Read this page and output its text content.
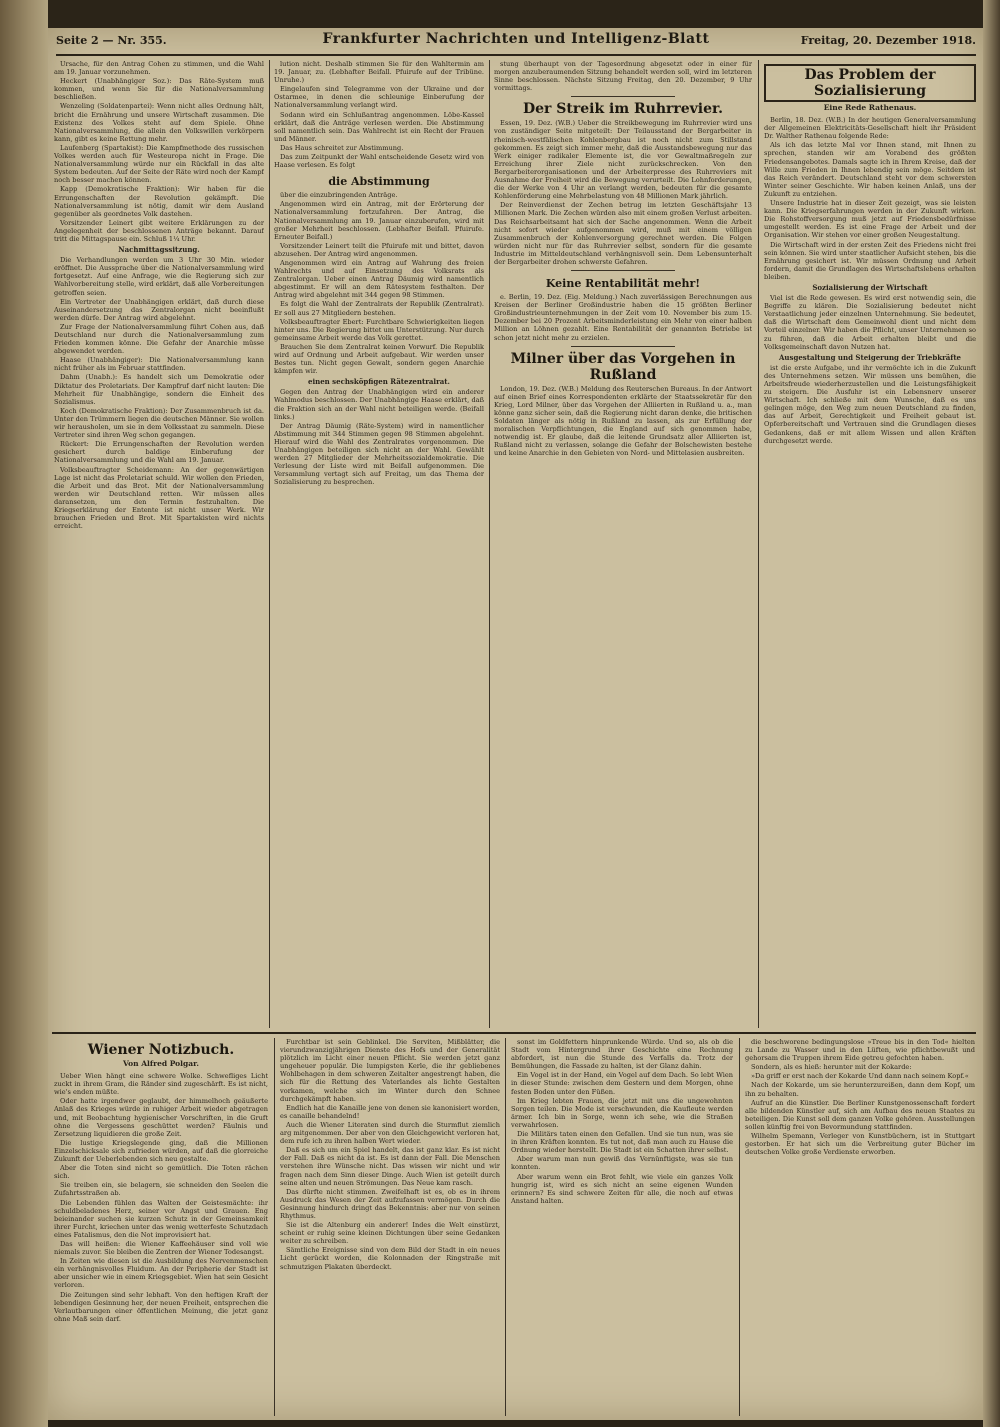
Seite 2 — Nr. 355.	Frankfurter Nachrichten und Intelligenz-Blatt	Freitag, 20. Dezember 1918.

Ursache, für den Antrag Cohen zu stimmen, und die Wahl am 19. Januar vorzunehmen.

Heckert (Unabhängiger Soz.): Das Räte-System muß kommen, und wenn Sie für die Nationalversammlung beschließen.

Wenzeling (Soldatenpartei): Wenn nicht alles Ordnung hält, bricht die Ernährung und unsere Wirtschaft zusammen. Die Existenz des Volkes steht auf dem Spiele. Ohne Nationalversammlung, die allein den Volkswillen verkörpern kann, gibt es keine Rettung mehr.

Laufenberg (Spartakist): Die Kampfmethode des russischen Volkes werden auch für Westeuropa nicht in Frage. Die Nationalversammlung würde nur ein Rückfall in das alte System bedeuten. Auf der Seite der Räte wird noch der Kampf noch besser machen können.

Kapp (Demokratische Fraktion): Wir haben für die Errungenschaften der Revolution gekämpft. Die Nationalversammlung ist nötig, damit wir dem Ausland gegenüber als geordnetes Volk dastehen.

Vorsitzender Leinert gibt weitere Erklärungen zu der Angelegenheit der beschlossenen Anträge bekannt. Darauf tritt die Mittagspause ein. Schluß 1¼ Uhr.

Nachmittagssitzung.

Die Verhandlungen werden um 3 Uhr 30 Min. wieder eröffnet. Die Aussprache über die Nationalversammlung wird fortgesetzt. Auf eine Anfrage, wie die Regierung sich zur Wahlvorbereitung stelle, wird erklärt, daß alle Vorbereitungen getroffen seien.

Ein Vertreter der Unabhängigen erklärt, daß durch diese Auseinandersetzung das Zentralorgan nicht beeinflußt werden dürfe. Der Antrag wird abgelehnt.

Zur Frage der Nationalversammlung führt Cohen aus, daß Deutschland nur durch die Nationalversammlung zum Frieden kommen könne. Die Gefahr der Anarchie müsse abgewendet werden.

Haase (Unabhängiger): Die Nationalversammlung kann nicht früher als im Februar stattfinden.

Dahm (Unabh.): Es handelt sich um Demokratie oder Diktatur des Proletariats. Der Kampfruf darf nicht lauten: Die Mehrheit für Unabhängige, sondern die Einheit des Sozialismus.

Koch (Demokratische Fraktion): Der Zusammenbruch ist da. Unter den Trümmern liegen die deutschen Männer. Sie wollen wir herausholen, um sie in dem Volksstaat zu sammeln. Diese Vertreter sind ihren Weg schon gegangen.

Rückert: Die Errungenschaften der Revolution werden gesichert durch baldige Einberufung der Nationalversammlung und die Wahl am 19. Januar.

Volksbeauftragter Scheidemann: An der gegenwärtigen Lage ist nicht das Proletariat schuld. Wir wollen den Frieden, die Arbeit und das Brot. Mit der Nationalversammlung werden wir Deutschland retten. Wir müssen alles daransetzen, um den Termin festzuhalten. Die Kriegserklärung der Entente ist nicht unser Werk. Wir brauchen Frieden und Brot. Mit Spartakisten wird nichts erreicht.

lution nicht. Deshalb stimmen Sie für den Wahltermin am 19. Januar, zu. (Lebhafter Beifall. Pfuirufe auf der Tribüne. Unruhe.)

Eingelaufen sind Telegramme von der Ukraine und der Ostarmee, in denen die schleunige Einberufung der Nationalversammlung verlangt wird.

Sodann wird ein Schlußantrag angenommen. Löbe-Kassel erklärt, daß die Anträge verlesen werden. Die Abstimmung soll namentlich sein. Das Wahlrecht ist ein Recht der Frauen und Männer.

Das Haus schreitet zur Abstimmung.

Das zum Zeitpunkt der Wahl entscheidende Gesetz wird von Haase verlesen. Es folgt

die Abstimmung

über die einzubringenden Anträge.

Angenommen wird ein Antrag, mit der Erörterung der Nationalversammlung fortzufahren. Der Antrag, die Nationalversammlung am 19. Januar einzuberufen, wird mit großer Mehrheit beschlossen. (Lebhafter Beifall. Pfuirufe. Erneuter Beifall.)

Vorsitzender Leinert teilt die Pfuirufe mit und bittet, davon abzusehen. Der Antrag wird angenommen.

Angenommen wird ein Antrag auf Wahrung des freien Wahlrechts und auf Einsetzung des Volksrats als Zentralorgan. Ueber einen Antrag Däumig wird namentlich abgestimmt. Er will an dem Rätesystem festhalten. Der Antrag wird abgelehnt mit 344 gegen 98 Stimmen.

Es folgt die Wahl der Zentralrats der Republik (Zentralrat). Er soll aus 27 Mitgliedern bestehen.

Volksbeauftragter Ebert: Furchtbare Schwierigkeiten liegen hinter uns. Die Regierung bittet um Unterstützung. Nur durch gemeinsame Arbeit werde das Volk gerettet.

Brauchen Sie dem Zentralrat keinen Vorwurf. Die Republik wird auf Ordnung und Arbeit aufgebaut. Wir werden unser Bestes tun. Nicht gegen Gewalt, sondern gegen Anarchie kämpfen wir.

einen sechsköpfigen Rätezentralrat.

Gegen den Antrag der Unabhängigen wird ein anderer Wahlmodus beschlossen. Der Unabhängige Haase erklärt, daß die Fraktion sich an der Wahl nicht beteiligen werde. (Beifall links.)

Der Antrag Däumig (Räte-System) wird in namentlicher Abstimmung mit 344 Stimmen gegen 98 Stimmen abgelehnt. Hierauf wird die Wahl des Zentralrates vorgenommen. Die Unabhängigen beteiligen sich nicht an der Wahl. Gewählt werden 27 Mitglieder der Mehrheitssozialdemokratie. Die Verlesung der Liste wird mit Beifall aufgenommen. Die Versammlung vertagt sich auf Freitag, um das Thema der Sozialisierung zu besprechen.

stung überhaupt von der Tagesordnung abgesetzt oder in einer für morgen anzuberaumenden Sitzung behandelt werden soll, wird im letzteren Sinne beschlossen. Nächste Sitzung Freitag, den 20. Dezember, 9 Uhr vormittags.

Der Streik im Ruhrrevier.

Essen, 19. Dez. (W.B.) Ueber die Streikbewegung im Ruhrrevier wird uns von zuständiger Seite mitgeteilt: Der Teilausstand der Bergarbeiter in rheinisch-westfälischen Kohlenbergbau ist noch nicht zum Stillstand gekommen. Es zeigt sich immer mehr, daß die Ausstandsbewegung nur das Werk einiger radikaler Elemente ist, die vor Gewaltmaßregeln zur Erreichung ihrer Ziele nicht zurückschrecken. Von den Bergarbeiterorganisationen und der Arbeiterpresse des Ruhrreviers mit Ausnahme der Freiheit wird die Bewegung verurteilt. Die Lohnforderungen, die der Werke von 4 Uhr an verlangt werden, bedeuten für die gesamte Kohlenförderung eine Mehrbelastung von 48 Millionen Mark jährlich.

Der Reinverdienst der Zechen betrug im letzten Geschäftsjahr 13 Millionen Mark. Die Zechen würden also mit einem großen Verlust arbeiten. Das Reichsarbeitsamt hat sich der Sache angenommen. Wenn die Arbeit nicht sofort wieder aufgenommen wird, muß mit einem völligen Zusammenbruch der Kohlenversorgung gerechnet werden. Die Folgen würden nicht nur für das Ruhrrevier selbst, sondern für die gesamte Industrie im Mitteldeutschland verhängnisvoll sein. Dem Lebensunterhalt der Bergarbeiter drohen schwerste Gefahren.

Keine Rentabilität mehr!

e. Berlin, 19. Dez. (Eig. Meldung.) Nach zuverlässigen Berechnungen aus Kreisen der Berliner Großindustrie haben die 15 größten Berliner Großindustrieunternehmungen in der Zeit vom 10. November bis zum 15. Dezember bei 20 Prozent Arbeitsminderleistung ein Mehr von einer halben Million an Löhnen gezahlt. Eine Rentabilität der genannten Betriebe ist schon jetzt nicht mehr zu erzielen.

Milner über das Vorgehen in Rußland

London, 19. Dez. (W.B.) Meldung des Reuterschen Bureaus. In der Antwort auf einen Brief eines Korrespondenten erklärte der Staatssekretär für den Krieg, Lord Milner, über das Vorgehen der Alliierten in Rußland u. a., man könne ganz sicher sein, daß die Regierung nicht daran denke, die britischen Soldaten länger als nötig in Rußland zu lassen, als zur Erfüllung der moralischen Verpflichtungen, die England auf sich genommen habe, notwendig ist. Er glaube, daß die leitende Grundsatz aller Alliierten ist, Rußland nicht zu verlassen, solange die Gefahr der Bolschewisten bestehe und keine Anarchie in den Gebieten von Nord- und Mittelasien ausbreiten.

Das Problem der Sozialisierung
Eine Rede Rathenaus.

Berlin, 18. Dez. (W.B.) In der heutigen Generalversammlung der Allgemeinen Elektricitäts-Gesellschaft hielt ihr Präsident Dr. Walther Rathenau folgende Rede:

Als ich das letzte Mal vor Ihnen stand, mit Ihnen zu sprechen, standen wir am Vorabend des größten Friedensangebotes. Damals sagte ich in Ihrem Kreise, daß der Wille zum Frieden in Ihnen lebendig sein möge. Seitdem ist das Reich verändert. Deutschland steht vor dem schwersten Winter seiner Geschichte. Wir haben keinen Anlaß, uns der Zukunft zu entziehen.

Unsere Industrie hat in dieser Zeit gezeigt, was sie leisten kann. Die Kriegserfahrungen werden in der Zukunft wirken. Die Rohstoffversorgung muß jetzt auf Friedensbedürfnisse umgestellt werden. Es ist eine Frage der Arbeit und der Organisation. Wir stehen vor einer großen Neugestaltung.

Die Wirtschaft wird in der ersten Zeit des Friedens nicht frei sein können. Sie wird unter staatlicher Aufsicht stehen, bis die Ernährung gesichert ist. Wir müssen Ordnung und Arbeit fordern, damit die Grundlagen des Wirtschaftslebens erhalten bleiben.

Sozialisierung der Wirtschaft

Viel ist die Rede gewesen. Es wird erst notwendig sein, die Begriffe zu klären. Die Sozialisierung bedeutet nicht Verstaatlichung jeder einzelnen Unternehmung. Sie bedeutet, daß die Wirtschaft dem Gemeinwohl dient und nicht dem Vorteil einzelner. Wir haben die Pflicht, unser Unternehmen so zu führen, daß die Arbeit erhalten bleibt und die Volksgemeinschaft davon Nutzen hat.

Ausgestaltung und Steigerung der Triebkräfte

ist die erste Aufgabe, und ihr vermöchte ich in die Zukunft des Unternehmens setzen. Wir müssen uns bemühen, die Arbeitsfreude wiederherzustellen und die Leistungsfähigkeit zu steigern. Die Ausfuhr ist ein Lebensnerv unserer Wirtschaft. Ich schließe mit dem Wunsche, daß es uns gelingen möge, den Weg zum neuen Deutschland zu finden, das auf Arbeit, Gerechtigkeit und Freiheit gebaut ist. Opferbereitschaft und Vertrauen sind die Grundlagen dieses Gedankens, daß er mit allem Wissen und allen Kräften durchgesetzt werde.

Wiener Notizbuch.
Von Alfred Polgar.

Ueber Wien hängt eine schwere Wolke. Schwefliges Licht zuckt in ihrem Gram, die Ränder sind zugeschärft. Es ist nicht, wie's enden müßte.

Oder hatte irgendwer geglaubt, der himmelhoch geäußerte Anlaß des Krieges würde in ruhiger Arbeit wieder abgetragen und, mit Beobachtung hygienischer Vorschriften, in die Gruft ohne die Vergessens geschüttet werden? Fäulnis und Zersetzung liquidieren die große Zeit.

Die lustige Kriegslegende ging, daß die Millionen Einzelschicksale sich zufrieden würden, auf daß die glorreiche Zukunft der Ueberlebenden sich neu gestalte.

Aber die Toten sind nicht so gemütlich. Die Toten rächen sich.

Sie treiben ein, sie belagern, sie schneiden den Seelen die Zufahrtsstraßen ab.

Die Lebenden fühlen das Walten der Geistesmächte: ihr schuldbeladenes Herz, seiner vor Angst und Grauen. Eng beieinander suchen sie kurzen Schutz in der Gemeinsamkeit ihrer Furcht, kriechen unter das wenig wetterfeste Schutzdach eines Fatalismus, den die Not improvisiert hat.

Das will heißen: die Wiener Kaffeehäuser sind voll wie niemals zuvor. Sie bleiben die Zentren der Wiener Todesangst.

In Zeiten wie diesen ist die Ausbildung des Nervenmenschen ein verhängnisvolles Fluidum. An der Peripherie der Stadt ist aber unsicher wie in einem Kriegsgebiet. Wien hat sein Gesicht verloren.

Die Zeitungen sind sehr lebhaft. Von den heftigen Kraft der lebendigen Gesinnung her, der neuen Freiheit, entsprechen die Verlautbarungen einer öffentlichen Meinung, die jetzt ganz ohne Maß sein darf.

Furchtbar ist sein Geblinkel. Die Serviten, Mißblätter, die vierundzwanzigjährigen Dienste des Hofs und der Generalität plötzlich im Licht einer neuen Pflicht. Sie werden jetzt ganz ungeheuer populär. Die lumpigsten Kerle, die ihr gebliebenes Wohlbehagen in dem schweren Zeitalter angestrengt haben, die sich für die Rettung des Vaterlandes als lichte Gestalten vorkamen, welche sich im Winter durch den Schnee durchgekämpft haben.

Endlich hat die Kanaille jene von denen sie kanonisiert worden, es canaille behandelnd!

Auch die Wiener Literaten sind durch die Sturmflut ziemlich arg mitgenommen. Der aber von den Gleichgewicht verloren hat, dem rufe ich zu ihren halben Wert wieder.

Daß es sich um ein Spiel handelt, das ist ganz klar. Es ist nicht der Fall. Daß es nicht da ist. Es ist dann der Fall. Die Menschen verstehen ihre Wünsche nicht. Das wissen wir nicht und wir fragen nach dem Sinn dieser Dinge. Auch Wien ist geteilt durch seine alten und neuen Strömungen. Das Neue kam rasch.

Das dürfte nicht stimmen. Zweifelhaft ist es, ob es in ihrem Ausdruck das Wesen der Zeit aufzufassen vermögen. Durch die Gesinnung hindurch dringt das Bekenntnis: aber nur von seinen Rhythmus.

Sie ist die Altenburg ein anderer! Indes die Welt einstürzt, scheint er ruhig seine kleinen Dichtungen über seine Gedanken weiter zu schreiben.

Sämtliche Ereignisse sind von dem Bild der Stadt in ein neues Licht gerückt worden, die Kolonnaden der Ringstraße mit schmutzigen Plakaten überdeckt.

sonst im Goldfettern hinprunkende Würde. Und so, als ob die Stadt vom Hintergrund ihrer Geschichte eine Rechnung abfordert, ist nun die Stunde des Verfalls da. Trotz der Bemühungen, die Fassade zu halten, ist der Glanz dahin.

Ein Vogel ist in der Hand, ein Vogel auf dem Dach. So lebt Wien in dieser Stunde: zwischen dem Gestern und dem Morgen, ohne festen Boden unter den Füßen.

Im Krieg lebten Frauen, die jetzt mit uns die ungewohnten Sorgen teilen. Die Mode ist verschwunden, die Kaufleute werden ärmer. Ich bin in Sorge, wenn ich sehe, wie die Straßen verwahrlosen.

Die Militärs taten einen den Gefallen. Und sie tun nun, was sie in ihren Kräften konnten. Es tut not, daß man auch zu Hause die Ordnung wieder herstellt. Die Stadt ist ein Schatten ihrer selbst.

Aber warum man nun gewiß das Vernünftigste, was sie tun konnten.

Aber warum wenn ein Brot fehlt, wie viele ein ganzes Volk hungrig ist, wird es sich nicht an seine eigenen Wunden erinnern? Es sind schwere Zeiten für alle, die noch auf etwas Anstand halten.

die beschworene bedingungslose »Treue bis in den Tod« hielten zu Lande zu Wasser und in den Lüften, wie pflichtbewußt und gehorsam die Truppen ihrem Eide getreu gefochten haben.

Sondern, als es hieß: herunter mit der Kokarde:

»Da griff er erst nach der Kokarde Und dann nach seinem Kopf.«

Nach der Kokarde, um sie herunterzureißen, dann dem Kopf, um ihn zu behalten.

Aufruf an die Künstler. Die Berliner Kunstgenossenschaft fordert alle bildenden Künstler auf, sich am Aufbau des neuen Staates zu beteiligen. Die Kunst soll dem ganzen Volke gehören. Ausstellungen sollen künftig frei von Bevormundung stattfinden.

Wilhelm Spemann, Verleger von Kunstbüchern, ist in Stuttgart gestorben. Er hat sich um die Verbreitung guter Bücher im deutschen Volke große Verdienste erworben.
